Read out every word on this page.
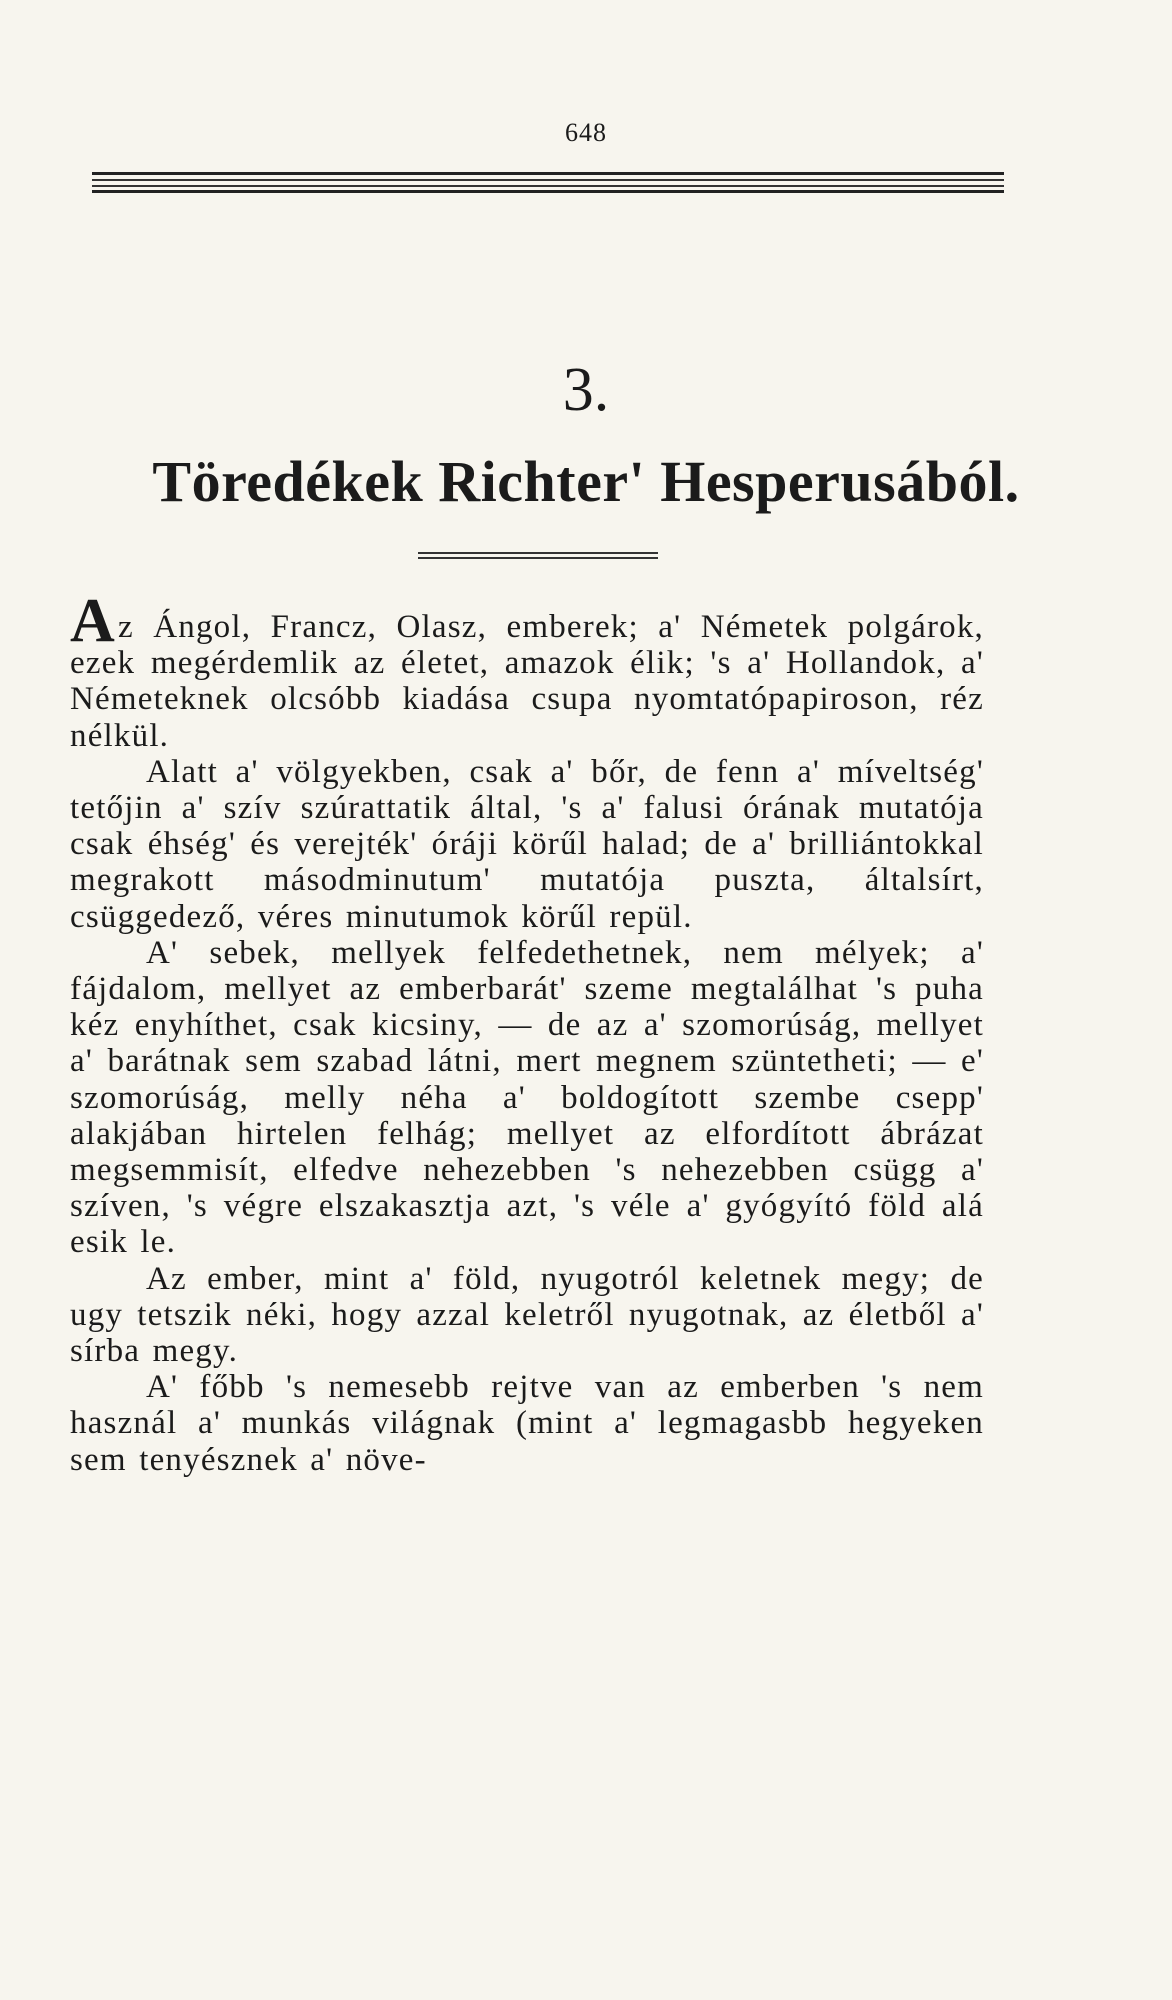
648
3.
Töredékek Richter' Hesperusából.

Az Ángol, Francz, Olasz, emberek; a' Németek polgárok, ezek megérdemlik az életet, amazok élik; 's a' Hollandok, a' Németeknek olcsóbb kiadása csupa nyomtatópapiroson, réz nélkül.

Alatt a' völgyekben, csak a' bőr, de fenn a' míveltség' tetőjin a' szív szúrattatik által, 's a' falusi órának mutatója csak éhség' és verejték' óráji körűl halad; de a' brilliántokkal megrakott másodminutum' mutatója puszta, általsírt, csüggedező, véres minutumok körűl repül.

A' sebek, mellyek felfedethetnek, nem mélyek; a' fájdalom, mellyet az emberbarát' szeme megtalálhat 's puha kéz enyhíthet, csak kicsiny, — de az a' szomorúság, mellyet a' barátnak sem szabad látni, mert megnem szüntetheti; — e' szomorúság, melly néha a' boldogított szembe csepp' alakjában hirtelen felhág; mellyet az elfordított ábrázat megsemmisít, elfedve nehezebben 's nehezebben csügg a' szíven, 's végre elszakasztja azt, 's véle a' gyógyító föld alá esik le.

Az ember, mint a' föld, nyugotról keletnek megy; de ugy tetszik néki, hogy azzal keletről nyugotnak, az életből a' sírba megy.

A' főbb 's nemesebb rejtve van az emberben 's nem használ a' munkás világnak (mint a' legmagasbb hegyeken sem tenyésznek a' növe-
